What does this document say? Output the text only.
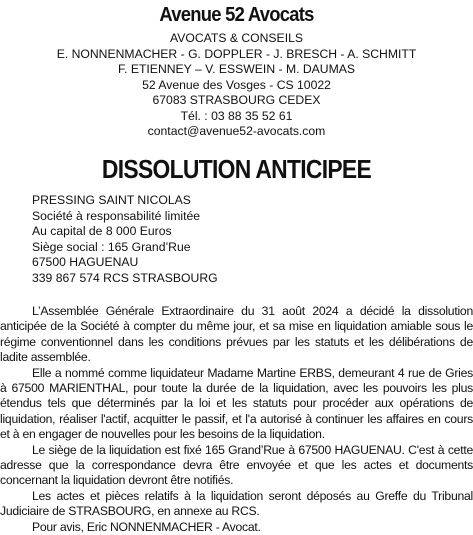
Avenue 52 Avocats
AVOCATS & CONSEILS
E. NONNENMACHER - G. DOPPLER - J. BRESCH - A. SCHMITT
F. ETIENNEY – V. ESSWEIN - M. DAUMAS
52 Avenue des Vosges - CS 10022
67083 STRASBOURG CEDEX
Tél. : 03 88 35 52 61
contact@avenue52-avocats.com
DISSOLUTION ANTICIPEE
PRESSING SAINT NICOLAS
Société à responsabilité limitée
Au capital de 8 000 Euros
Siège social : 165 Grand’Rue
67500 HAGUENAU
339 867 574 RCS STRASBOURG

L’Assemblée Générale Extraordinaire du 31 août 2024 a décidé la dissolution anticipée de la Société à compter du même jour, et sa mise en liquidation amiable sous le régime conventionnel dans les conditions prévues par les statuts et les délibérations de ladite assemblée.

Elle a nommé comme liquidateur Madame Martine ERBS, demeurant 4 rue de Gries à 67500 MARIENTHAL, pour toute la durée de la liquidation, avec les pouvoirs les plus étendus tels que déterminés par la loi et les statuts pour procéder aux opérations de liquidation, réaliser l'actif, acquitter le passif, et l'a autorisé à continuer les affaires en cours et à en engager de nouvelles pour les besoins de la liquidation.

Le siège de la liquidation est fixé 165 Grand’Rue à 67500 HAGUENAU. C'est à cette adresse que la correspondance devra être envoyée et que les actes et documents concernant la liquidation devront être notifiés.

Les actes et pièces relatifs à la liquidation seront déposés au Greffe du Tribunal Judiciaire de STRASBOURG, en annexe au RCS.

Pour avis, Eric NONNENMACHER - Avocat.
